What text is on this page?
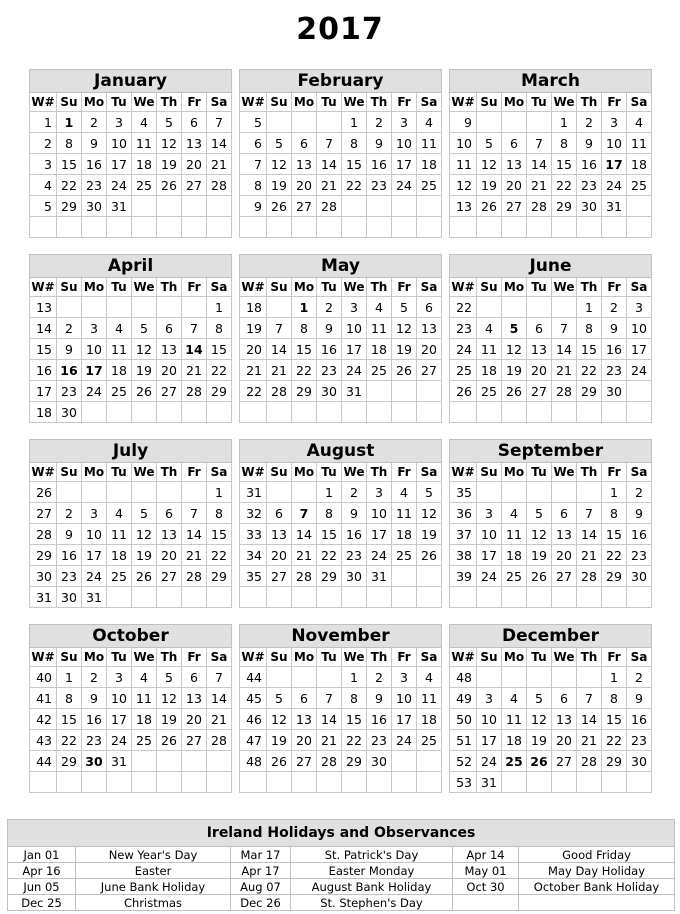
2017
January							
W#	Su	Mo	Tu	We	Th	Fr	Sa
1	1	2	3	4	5	6	7
2	8	9	10	11	12	13	14
3	15	16	17	18	19	20	21
4	22	23	24	25	26	27	28
5	29	30	31				

February							
W#	Su	Mo	Tu	We	Th	Fr	Sa
5				1	2	3	4
6	5	6	7	8	9	10	11
7	12	13	14	15	16	17	18
8	19	20	21	22	23	24	25
9	26	27	28				

March							
W#	Su	Mo	Tu	We	Th	Fr	Sa
9				1	2	3	4
10	5	6	7	8	9	10	11
11	12	13	14	15	16	17	18
12	19	20	21	22	23	24	25
13	26	27	28	29	30	31	

April							
W#	Su	Mo	Tu	We	Th	Fr	Sa
13							1
14	2	3	4	5	6	7	8
15	9	10	11	12	13	14	15
16	16	17	18	19	20	21	22
17	23	24	25	26	27	28	29
18	30						
May							
W#	Su	Mo	Tu	We	Th	Fr	Sa
18		1	2	3	4	5	6
19	7	8	9	10	11	12	13
20	14	15	16	17	18	19	20
21	21	22	23	24	25	26	27
22	28	29	30	31			

June							
W#	Su	Mo	Tu	We	Th	Fr	Sa
22					1	2	3
23	4	5	6	7	8	9	10
24	11	12	13	14	15	16	17
25	18	19	20	21	22	23	24
26	25	26	27	28	29	30	

July							
W#	Su	Mo	Tu	We	Th	Fr	Sa
26							1
27	2	3	4	5	6	7	8
28	9	10	11	12	13	14	15
29	16	17	18	19	20	21	22
30	23	24	25	26	27	28	29
31	30	31					
August							
W#	Su	Mo	Tu	We	Th	Fr	Sa
31			1	2	3	4	5
32	6	7	8	9	10	11	12
33	13	14	15	16	17	18	19
34	20	21	22	23	24	25	26
35	27	28	29	30	31		

September							
W#	Su	Mo	Tu	We	Th	Fr	Sa
35						1	2
36	3	4	5	6	7	8	9
37	10	11	12	13	14	15	16
38	17	18	19	20	21	22	23
39	24	25	26	27	28	29	30

October							
W#	Su	Mo	Tu	We	Th	Fr	Sa
40	1	2	3	4	5	6	7
41	8	9	10	11	12	13	14
42	15	16	17	18	19	20	21
43	22	23	24	25	26	27	28
44	29	30	31				

November							
W#	Su	Mo	Tu	We	Th	Fr	Sa
44				1	2	3	4
45	5	6	7	8	9	10	11
46	12	13	14	15	16	17	18
47	19	20	21	22	23	24	25
48	26	27	28	29	30		

December							
W#	Su	Mo	Tu	We	Th	Fr	Sa
48						1	2
49	3	4	5	6	7	8	9
50	10	11	12	13	14	15	16
51	17	18	19	20	21	22	23
52	24	25	26	27	28	29	30
53	31						
Ireland Holidays and Observances					
Jan 01	New Year's Day	Mar 17	St. Patrick's Day	Apr 14	Good Friday
Apr 16	Easter	Apr 17	Easter Monday	May 01	May Day Holiday
Jun 05	June Bank Holiday	Aug 07	August Bank Holiday	Oct 30	October Bank Holiday
Dec 25	Christmas	Dec 26	St. Stephen's Day		
